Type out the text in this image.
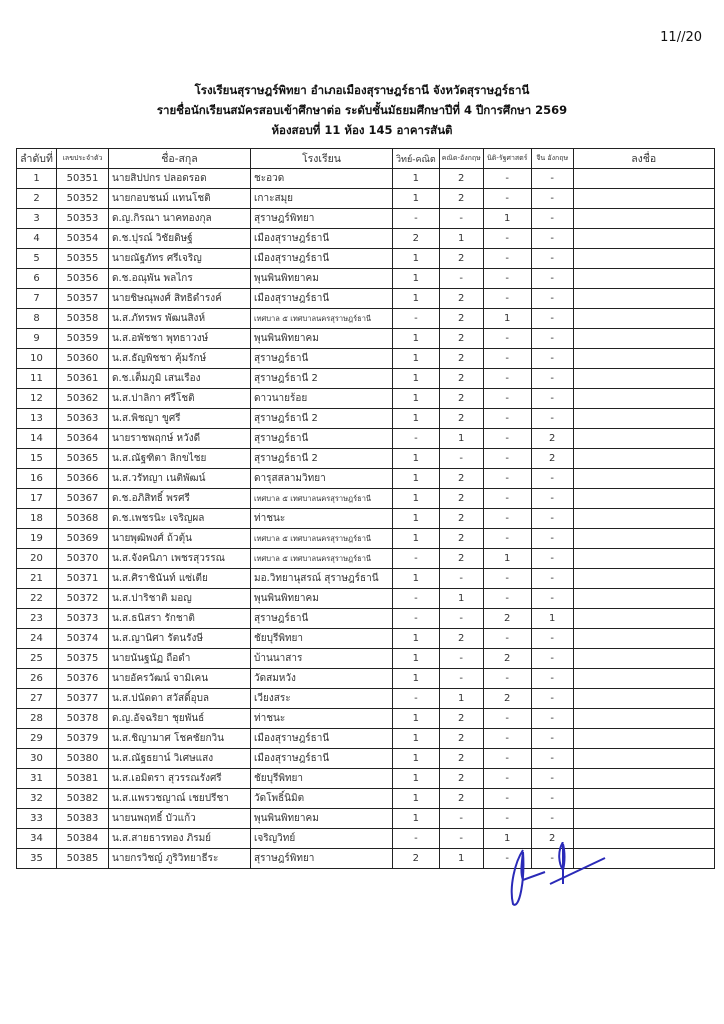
11//20
โรงเรียนสุราษฎร์พิทยา อำเภอเมืองสุราษฎร์ธานี จังหวัดสุราษฎร์ธานี
รายชื่อนักเรียนสมัครสอบเข้าศึกษาต่อ ระดับชั้นมัธยมศึกษาปีที่ 4 ปีการศึกษา 2569
ห้องสอบที่ 11 ห้อง 145 อาคารสันติ
ลำดับที่	เลขประจำตัว	ชื่อ-สกุล	โรงเรียน	วิทย์-คณิต	คณิต-อังกฤษ	นิติ-รัฐศาสตร์	จีน อังกฤษ	ลงชื่อ
1	50351	นายสิปปกร ปลอดรอด	ชะอวด	1	2	-	-	
2	50352	นายกอบชนม์ แทนโชติ	เกาะสมุย	1	2	-	-	
3	50353	ด.ญ.กิรณา นาคทองกุล	สุราษฎร์พิทยา	-	-	1	-	
4	50354	ด.ช.ปุรณ์ วิชัยดิษฐ์	เมืองสุราษฎร์ธานี	2	1	-	-	
5	50355	นายณัฐภัทร ศรีเจริญ	เมืองสุราษฎร์ธานี	1	2	-	-	
6	50356	ด.ช.อณุพัน พลไกร	พุนพินพิทยาคม	1	-	-	-	
7	50357	นายชิษณุพงศ์ สิทธิดำรงค์	เมืองสุราษฎร์ธานี	1	2	-	-	
8	50358	น.ส.ภัทรพร พัฒนสิงห์	เทศบาล ๕ เทศบาลนครสุราษฎร์ธานี	-	2	1	-	
9	50359	น.ส.อพัชชา พุทธาวงษ์	พุนพินพิทยาคม	1	2	-	-	
10	50360	น.ส.ธัญพิชชา คุ้มรักษ์	สุราษฎร์ธานี	1	2	-	-	
11	50361	ด.ช.เต็มภูมิ เสนเรือง	สุราษฎร์ธานี 2	1	2	-	-	
12	50362	น.ส.ปาลิกา ศรีโชติ	ดาวนายร้อย	1	2	-	-	
13	50363	น.ส.พิชญา ขูศรี	สุราษฎร์ธานี 2	1	2	-	-	
14	50364	นายราชพฤกษ์ หวังดี	สุราษฎร์ธานี	-	1	-	2	
15	50365	น.ส.ณัฐฑิตา ลิกขไชย	สุราษฎร์ธานี 2	1	-	-	2	
16	50366	น.ส.วรัทญา เนติพัฒน์	ดารุสสลามวิทยา	1	2	-	-	
17	50367	ด.ช.อภิสิทธิ์ พรศรี	เทศบาล ๕ เทศบาลนครสุราษฎร์ธานี	1	2	-	-	
18	50368	ด.ช.เพชรนิะ เจริญผล	ท่าชนะ	1	2	-	-	
19	50369	นายพุฒิพงศ์ ถ้วตุ้น	เทศบาล ๕ เทศบาลนครสุราษฎร์ธานี	1	2	-	-	
20	50370	น.ส.จังคนิภา เพชรสุวรรณ	เทศบาล ๕ เทศบาลนครสุราษฎร์ธานี	-	2	1	-	
21	50371	น.ส.ศิราชินันท์ แซ่เตีย	มอ.วิทยานุสรณ์ สุราษฎร์ธานี	1	-	-	-	
22	50372	น.ส.ปาริชาติ มอญ	พุนพินพิทยาคม	-	1	-	-	
23	50373	น.ส.ธนิสรา รักชาติ	สุราษฎร์ธานี	-	-	2	1	
24	50374	น.ส.ญานิศา รัตนรังษี	ชัยบุรีพิทยา	1	2	-	-	
25	50375	นายนันฐนัฏ ถือดำ	บ้านนาสาร	1	-	2	-	
26	50376	นายอัครวัฒน์ จามิเคน	วัดสมหวัง	1	-	-	-	
27	50377	น.ส.ปนัดดา สวัสดิ์อุบล	เวียงสระ	-	1	2	-	
28	50378	ด.ญ.อัจฉริยา ชุยพันธ์	ท่าชนะ	1	2	-	-	
29	50379	น.ส.ชิญามาศ โชคชัยกวิน	เมืองสุราษฎร์ธานี	1	2	-	-	
30	50380	น.ส.ณัฐธยาน์ วิเศษแสง	เมืองสุราษฎร์ธานี	1	2	-	-	
31	50381	น.ส.เอมิตรา สุวรรณรังศรี	ชัยบุรีพิทยา	1	2	-	-	
32	50382	น.ส.แพรวชญาณ์ เชยปรีชา	วัดโพธิ์นิมิต	1	2	-	-	
33	50383	นายนพฤทธิ์ บัวแก้ว	พุนพินพิทยาคม	1	-	-	-	
34	50384	น.ส.สายธารทอง ภิรมย์	เจริญวิทย์	-	-	1	2	
35	50385	นายกรวิชญ์ ภูริวิทยาธีระ	สุราษฎร์พิทยา	2	1	-	-	
